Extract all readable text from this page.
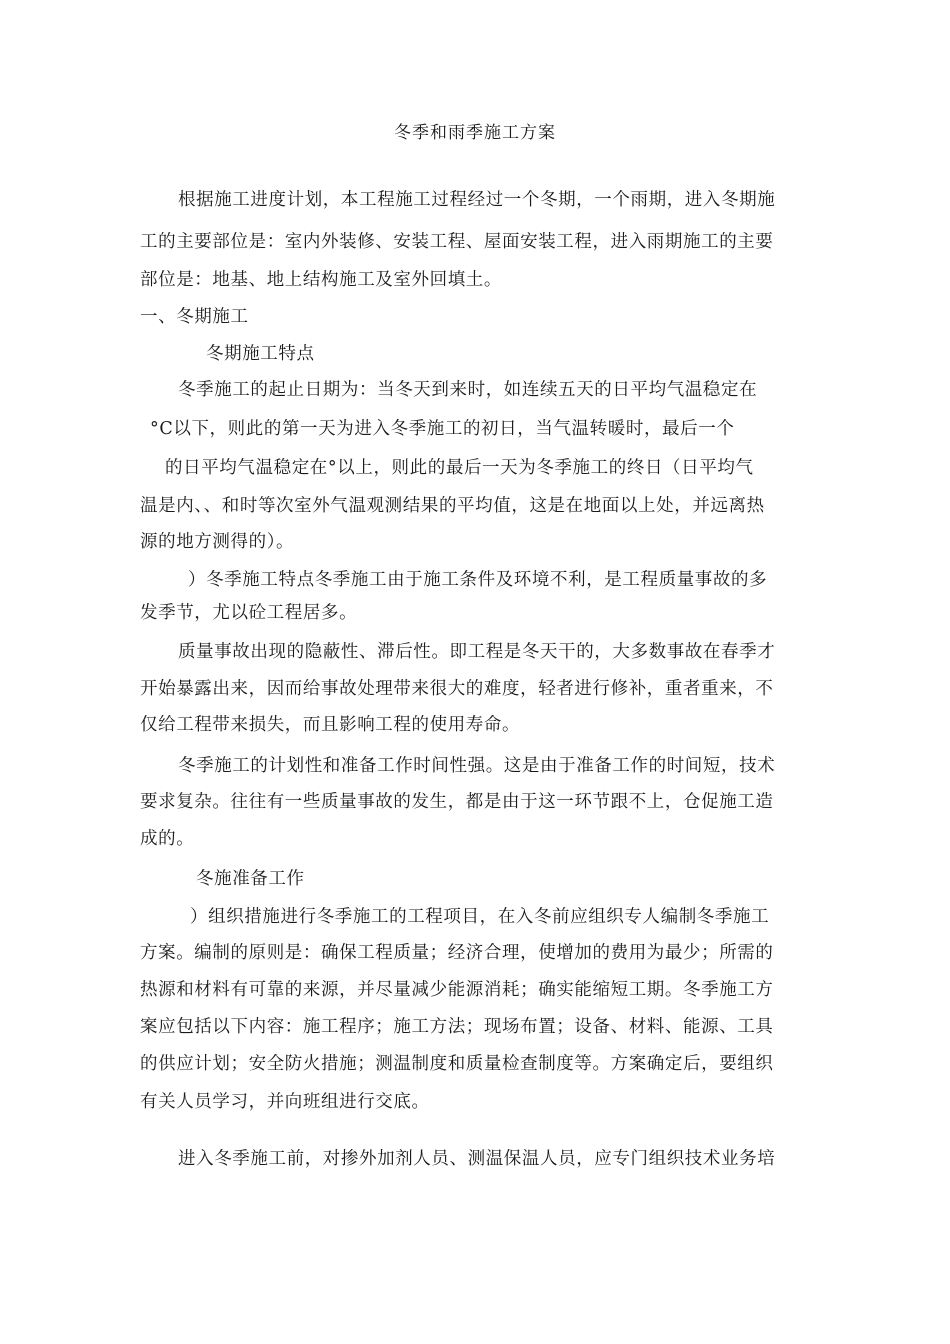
冬季和雨季施工方案
根据施工进度计划，本工程施工过程经过一个冬期，一个雨期，进入冬期施
工的主要部位是：室内外装修、安装工程、屋面安装工程，进入雨期施工的主要
部位是：地基、地上结构施工及室外回填土。
一、冬期施工
冬期施工特点
冬季施工的起止日期为：当冬天到来时，如连续五天的日平均气温稳定在
°C以下，则此的第一天为进入冬季施工的初日，当气温转暖时，最后一个
的日平均气温稳定在°以上，则此的最后一天为冬季施工的终日（日平均气
温是内、、和时等次室外气温观测结果的平均值，这是在地面以上处，并远离热
源的地方测得的）。
）冬季施工特点冬季施工由于施工条件及环境不利，是工程质量事故的多
发季节，尤以砼工程居多。
质量事故出现的隐蔽性、滞后性。即工程是冬天干的，大多数事故在春季才
开始暴露出来，因而给事故处理带来很大的难度，轻者进行修补，重者重来，不
仅给工程带来损失，而且影响工程的使用寿命。
冬季施工的计划性和准备工作时间性强。这是由于准备工作的时间短，技术
要求复杂。往往有一些质量事故的发生，都是由于这一环节跟不上，仓促施工造
成的。
冬施准备工作
）组织措施进行冬季施工的工程项目，在入冬前应组织专人编制冬季施工
方案。编制的原则是：确保工程质量；经济合理，使增加的费用为最少；所需的
热源和材料有可靠的来源，并尽量减少能源消耗；确实能缩短工期。冬季施工方
案应包括以下内容：施工程序；施工方法；现场布置；设备、材料、能源、工具
的供应计划；安全防火措施；测温制度和质量检查制度等。方案确定后，要组织
有关人员学习，并向班组进行交底。
进入冬季施工前，对掺外加剂人员、测温保温人员，应专门组织技术业务培
